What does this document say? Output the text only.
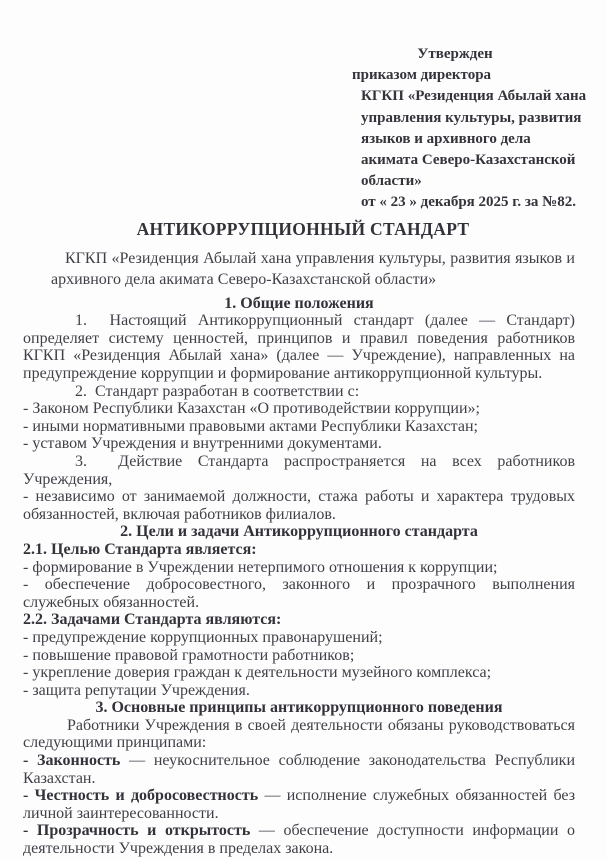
Утвержден
приказом директора
КГКП «Резиденция Абылай хана
управления культуры, развития
языков и архивного дела
акимата Северо-Казахстанской
области»
от « 23 » декабря 2025 г. за №82.
АНТИКОРРУПЦИОННЫЙ СТАНДАРТ

КГКП «Резиденция Абылай хана управления культуры, развития языков и архивного дела акимата Северо-Казахстанской области»

1. Общие положения

1.  Настоящий Антикоррупционный стандарт (далее — Стандарт) определяет систему ценностей, принципов и правил поведения работников КГКП «Резиденция Абылай хана» (далее — Учреждение), направленных на предупреждение коррупции и формирование антикоррупционной культуры.

2.  Стандарт разработан в соответствии с:

- Законом Республики Казахстан «О противодействии коррупции»;

- иными нормативными правовыми актами Республики Казахстан;

- уставом Учреждения и внутренними документами.

3.  Действие Стандарта распространяется на всех работников Учреждения,

- независимо от занимаемой должности, стажа работы и характера трудовых обязанностей, включая работников филиалов.

2. Цели и задачи Антикоррупционного стандарта

2.1. Целью Стандарта является:

- формирование в Учреждении нетерпимого отношения к коррупции;

- обеспечение добросовестного, законного и прозрачного выполнения служебных обязанностей.

2.2. Задачами Стандарта являются:

- предупреждение коррупционных правонарушений;

- повышение правовой грамотности работников;

- укрепление доверия граждан к деятельности музейного комплекса;

- защита репутации Учреждения.

3. Основные принципы антикоррупционного поведения

Работники Учреждения в своей деятельности обязаны руководствоваться следующими принципами:

- Законность — неукоснительное соблюдение законодательства Республики Казахстан.

- Честность и добросовестность — исполнение служебных обязанностей без личной заинтересованности.

- Прозрачность и открытость — обеспечение доступности информации о деятельности Учреждения в пределах закона.
